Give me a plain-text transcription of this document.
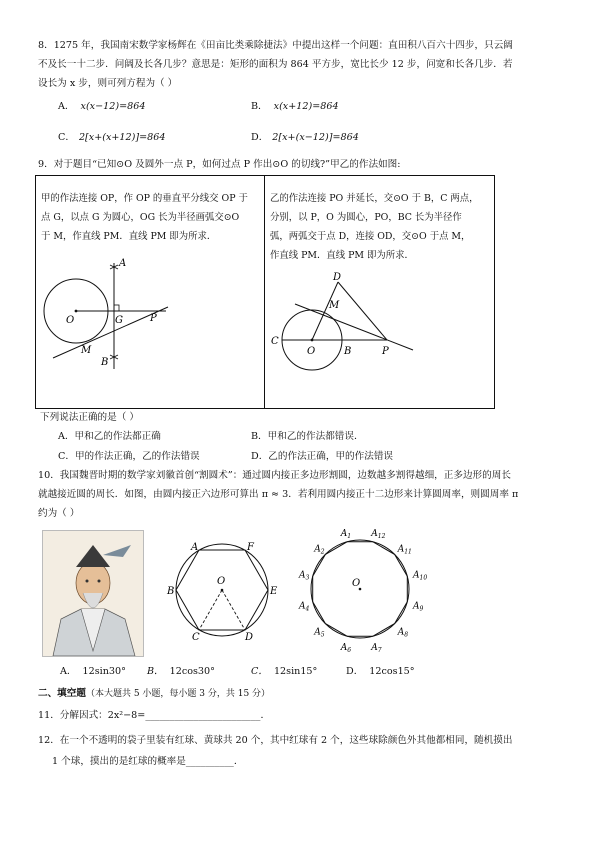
8．1275 年，我国南宋数学家杨辉在《田亩比类乘除捷法》中提出这样一个问题：直田积八百六十四步，只云阔
不及长一十二步．问阔及长各几步？意思是：矩形的面积为 864 平方步，宽比长少 12 步，问宽和长各几步．若
设长为 x 步，则可列方程为（ ）
A． x(x−12)=864	B． x(x+12)=864
C． 2[x+(x+12)]=864	D． 2[x+(x−12)]=864
9．对于题目“已知⊙O 及圆外一点 P，如何过点 P 作出⊙O 的切线?”甲乙的作法如图:
甲的作法连接 OP，作 OP 的垂直平分线交 OP 于
点 G，以点 G 为圆心，OG 长为半径画弧交⊙O
于 M，作直线 PM．直线 PM 即为所求．
乙的作法连接 PO 并延长，交⊙O 于 B，C 两点，
分别，以 P，O 为圆心，PO，BC 长为半径作
弧，两弧交于点 D，连接 OD，交⊙O 于点 M，
作直线 PM．直线 PM 即为所求．
A
O	G	P
M
B
D
M
C
O	B	P
下列说法正确的是（ ）
A．甲和乙的作法都正确	B．甲和乙的作法都错误．
C．甲的作法正确，乙的作法错误	D．乙的作法正确，甲的作法错误
10．我国魏晋时期的数学家刘徽首创“割圆术”：通过圆内接正多边形割圆，边数越多割得越细，正多边形的周长
就越接近圆的周长．如图，由圆内接正六边形可算出 π ≈ 3．若利用圆内接正十二边形来计算圆周率，则圆周率 π
约为（ ）
A	F
B	E
C	D
O	O
$A_1$
$A_2$
$A_3$
$A_4$
$A_5$
$A_6$ $A_7$
$A_8$
$A_9$
$A_{10}$
$A_{11}$
$A_{12}$
A． 12sin30° B． 12cos30°	C． 12sin15°	D． 12cos15°
二、填空题（本大题共 5 小题，每小题 3 分，共 15 分）
11．分解因式：2x²−8=________________________．
12．在一个不透明的袋子里装有红球、黄球共 20 个，其中红球有 2 个，这些球除颜色外其他都相同，随机摸出
1 个球，摸出的是红球的概率是__________．
